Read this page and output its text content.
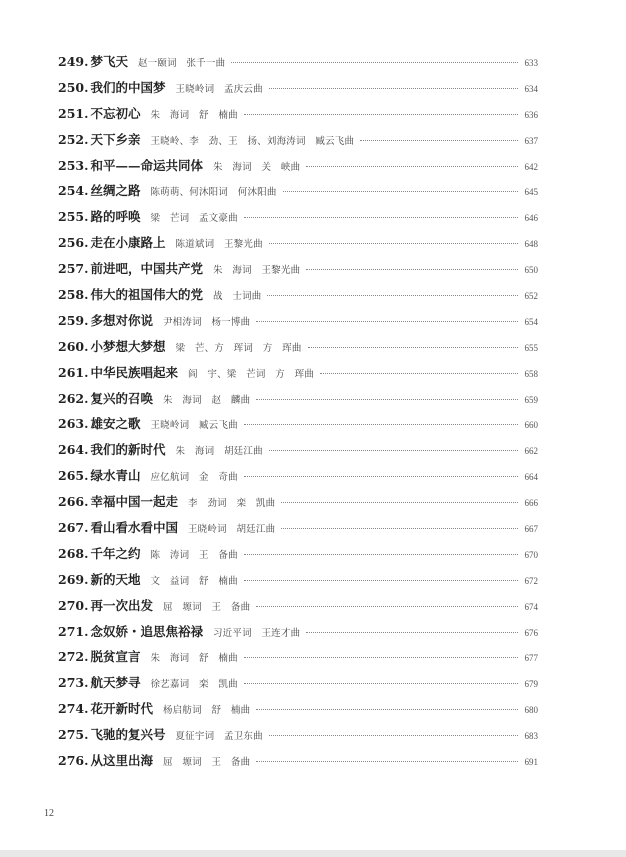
249. 梦飞天 赵一颐词　张千一曲	633
250. 我们的中国梦 王晓岭词　孟庆云曲	634
251. 不忘初心 朱　海词　舒　楠曲	636
252. 天下乡亲 王晓岭、李　劲、王　扬、刘海涛词　臧云飞曲	637
253. 和平——命运共同体 朱　海词　关　峡曲	642
254. 丝绸之路 陈萌萌、何沐阳词　何沐阳曲	645
255. 路的呼唤 梁　芒词　孟文豪曲	646
256. 走在小康路上 陈道斌词　王黎光曲	648
257. 前进吧，中国共产党 朱　海词　王黎光曲	650
258. 伟大的祖国伟大的党 战　士词曲	652
259. 多想对你说 尹相涛词　杨一博曲	654
260. 小梦想大梦想 梁　芒、方　珲词　方　珲曲	655
261. 中华民族唱起来 阎　宇、梁　芒词　方　珲曲	658
262. 复兴的召唤 朱　海词　赵　麟曲	659
263. 雄安之歌 王晓岭词　臧云飞曲	660
264. 我们的新时代 朱　海词　胡廷江曲	662
265. 绿水青山 应亿航词　金　奇曲	664
266. 幸福中国一起走 李　劲词　栾　凯曲	666
267. 看山看水看中国 王晓岭词　胡廷江曲	667
268. 千年之约 陈　涛词　王　备曲	670
269. 新的天地 文　益词　舒　楠曲	672
270. 再一次出发 屈　塬词　王　备曲	674
271. 念奴娇・追思焦裕禄 习近平词　王连才曲	676
272. 脱贫宣言 朱　海词　舒　楠曲	677
273. 航天梦寻 徐艺嘉词　栾　凯曲	679
274. 花开新时代 杨启舫词　舒　楠曲	680
275. 飞驰的复兴号 夏征宇词　孟卫东曲	683
276. 从这里出海 屈　塬词　王　备曲	691
12
